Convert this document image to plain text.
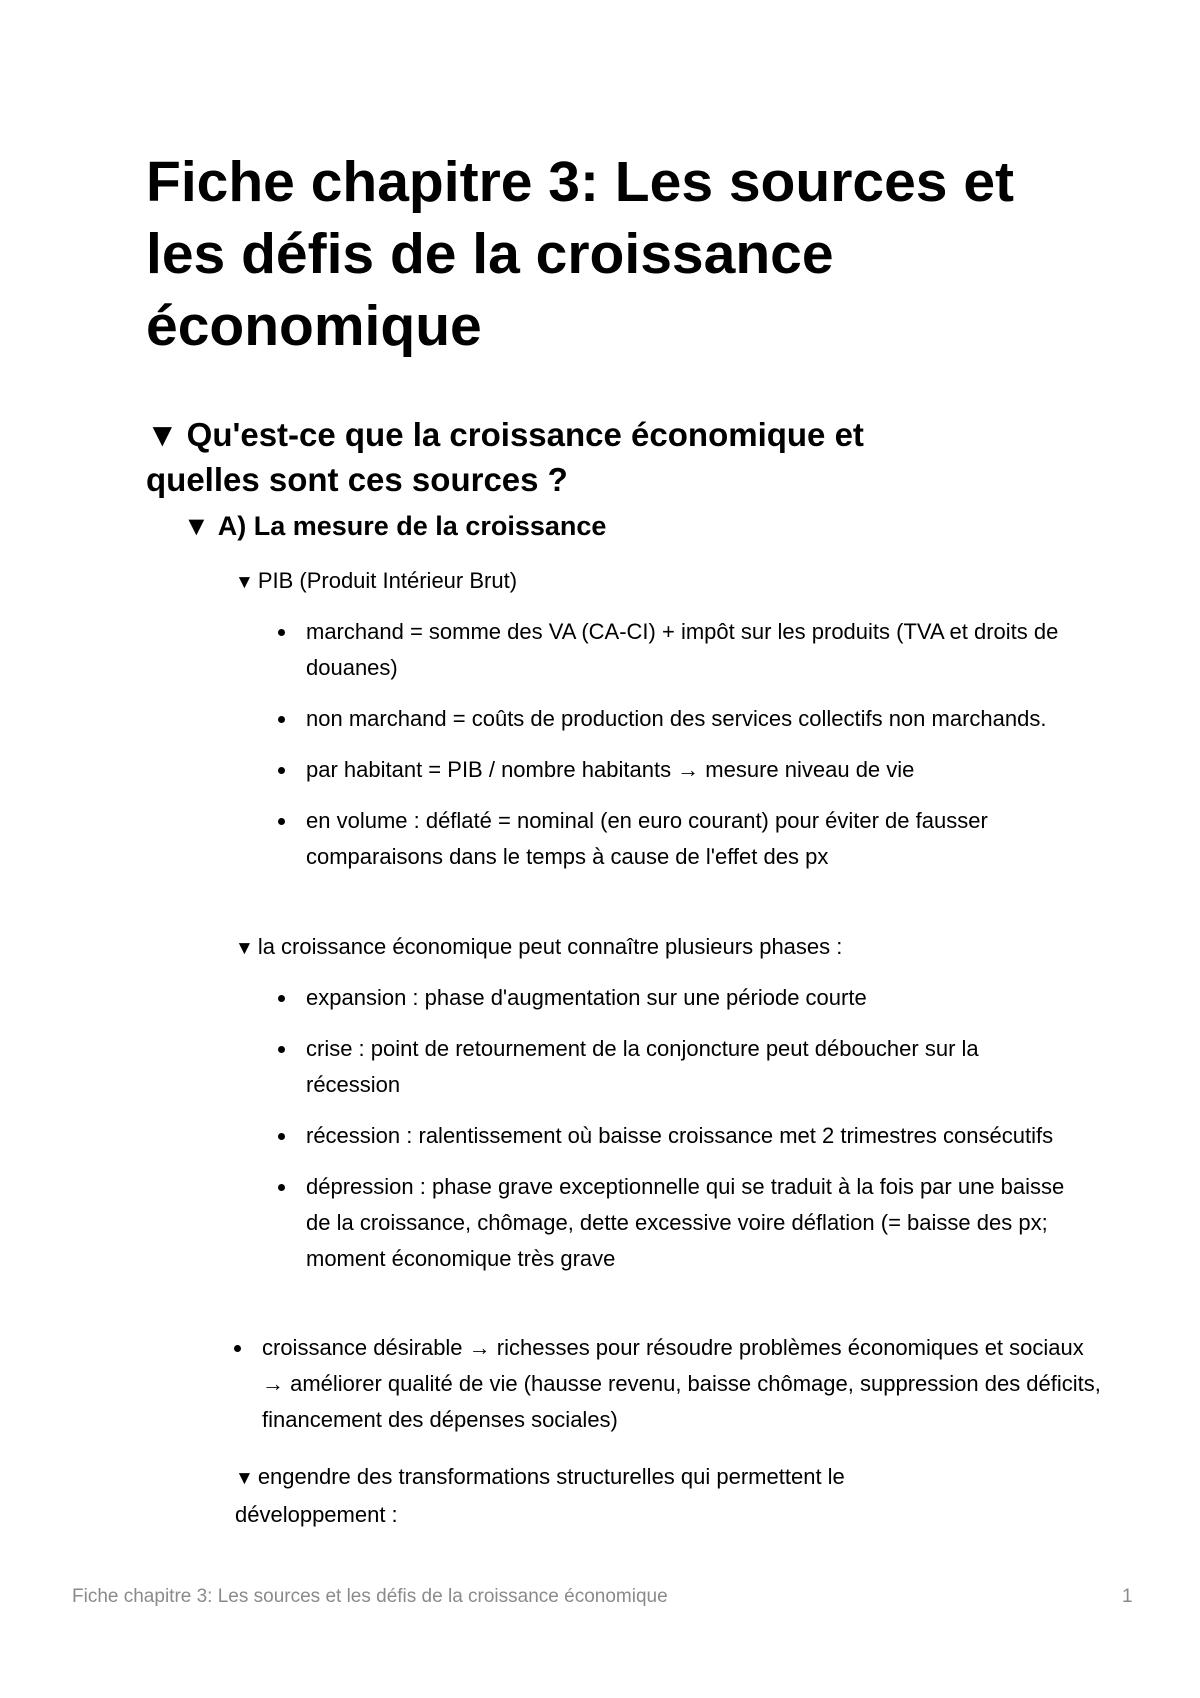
Fiche chapitre 3: Les sources et les défis de la croissance économique
▼ Qu'est-ce que la croissance économique et quelles sont ces sources ?
▼ A) La mesure de la croissance
▼ PIB (Produit Intérieur Brut)
marchand = somme des VA (CA-CI) + impôt sur les produits (TVA et droits de douanes)
non marchand = coûts de production des services collectifs non marchands.
par habitant = PIB / nombre habitants → mesure niveau de vie
en volume : déflaté = nominal (en euro courant) pour éviter de fausser comparaisons dans le temps à cause de l'effet des px
▼ la croissance économique peut connaître plusieurs phases :
expansion : phase d'augmentation sur une période courte
crise : point de retournement de la conjoncture peut déboucher sur la récession
récession : ralentissement où baisse croissance met 2 trimestres consécutifs
dépression : phase grave exceptionnelle qui se traduit à la fois par une baisse de la croissance, chômage, dette excessive voire déflation (= baisse des px; moment économique très grave
croissance désirable → richesses pour résoudre problèmes économiques et sociaux → améliorer qualité de vie (hausse revenu, baisse chômage, suppression des déficits, financement des dépenses sociales)
▼ engendre des transformations structurelles qui permettent le développement :
Fiche chapitre 3: Les sources et les défis de la croissance économique	1
